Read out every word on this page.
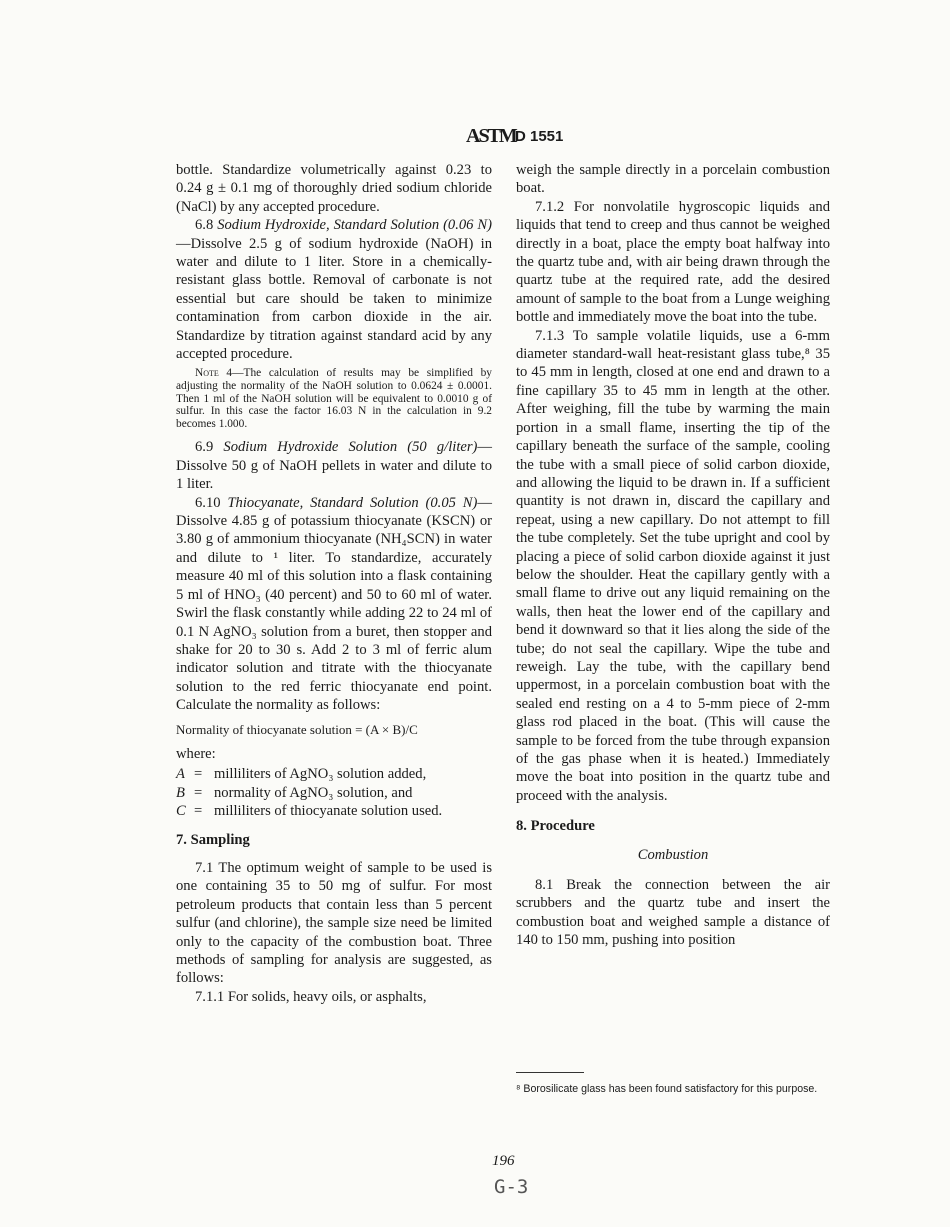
ASTM D 1551

bottle. Standardize volumetrically against 0.23 to 0.24 g ± 0.1 mg of thoroughly dried sodium chloride (NaCl) by any accepted procedure.

6.8 Sodium Hydroxide, Standard Solution (0.06 N)—Dissolve 2.5 g of sodium hydroxide (NaOH) in water and dilute to 1 liter. Store in a chemically-resistant glass bottle. Removal of carbonate is not essential but care should be taken to minimize contamination from carbon dioxide in the air. Standardize by titration against standard acid by any accepted procedure.

Note 4—The calculation of results may be simplified by adjusting the normality of the NaOH solution to 0.0624 ± 0.0001. Then 1 ml of the NaOH solution will be equivalent to 0.0010 g of sulfur. In this case the factor 16.03 N in the calculation in 9.2 becomes 1.000.

6.9 Sodium Hydroxide Solution (50 g/liter)—Dissolve 50 g of NaOH pellets in water and dilute to 1 liter.

6.10 Thiocyanate, Standard Solution (0.05 N)—Dissolve 4.85 g of potassium thiocyanate (KSCN) or 3.80 g of ammonium thiocyanate (NH₄SCN) in water and dilute to ¹ liter. To standardize, accurately measure 40 ml of this solution into a flask containing 5 ml of HNO₃ (40 percent) and 50 to 60 ml of water. Swirl the flask constantly while adding 22 to 24 ml of 0.1 N AgNO₃ solution from a buret, then stopper and shake for 20 to 30 s. Add 2 to 3 ml of ferric alum indicator solution and titrate with the thiocyanate solution to the red ferric thiocyanate end point. Calculate the normality as follows:

Normality of thiocyanate solution = (A × B)/C

where:

A = milliliters of AgNO₃ solution added,
B = normality of AgNO₃ solution, and
C = milliliters of thiocyanate solution used.

7. Sampling

7.1 The optimum weight of sample to be used is one containing 35 to 50 mg of sulfur. For most petroleum products that contain less than 5 percent sulfur (and chlorine), the sample size need be limited only to the capacity of the combustion boat. Three methods of sampling for analysis are suggested, as follows:

7.1.1 For solids, heavy oils, or asphalts,

weigh the sample directly in a porcelain combustion boat.

7.1.2 For nonvolatile hygroscopic liquids and liquids that tend to creep and thus cannot be weighed directly in a boat, place the empty boat halfway into the quartz tube and, with air being drawn through the quartz tube at the required rate, add the desired amount of sample to the boat from a Lunge weighing bottle and immediately move the boat into the tube.

7.1.3 To sample volatile liquids, use a 6-mm diameter standard-wall heat-resistant glass tube,⁸ 35 to 45 mm in length, closed at one end and drawn to a fine capillary 35 to 45 mm in length at the other. After weighing, fill the tube by warming the main portion in a small flame, inserting the tip of the capillary beneath the surface of the sample, cooling the tube with a small piece of solid carbon dioxide, and allowing the liquid to be drawn in. If a sufficient quantity is not drawn in, discard the capillary and repeat, using a new capillary. Do not attempt to fill the tube completely. Set the tube upright and cool by placing a piece of solid carbon dioxide against it just below the shoulder. Heat the capillary gently with a small flame to drive out any liquid remaining on the walls, then heat the lower end of the capillary and bend it downward so that it lies along the side of the tube; do not seal the capillary. Wipe the tube and reweigh. Lay the tube, with the capillary bend uppermost, in a porcelain combustion boat with the sealed end resting on a 4 to 5-mm piece of 2-mm glass rod placed in the boat. (This will cause the sample to be forced from the tube through expansion of the gas phase when it is heated.) Immediately move the boat into position in the quartz tube and proceed with the analysis.

8. Procedure

Combustion

8.1 Break the connection between the air scrubbers and the quartz tube and insert the combustion boat and weighed sample a distance of 140 to 150 mm, pushing into position

⁸ Borosilicate glass has been found satisfactory for this purpose.
196
G-3
